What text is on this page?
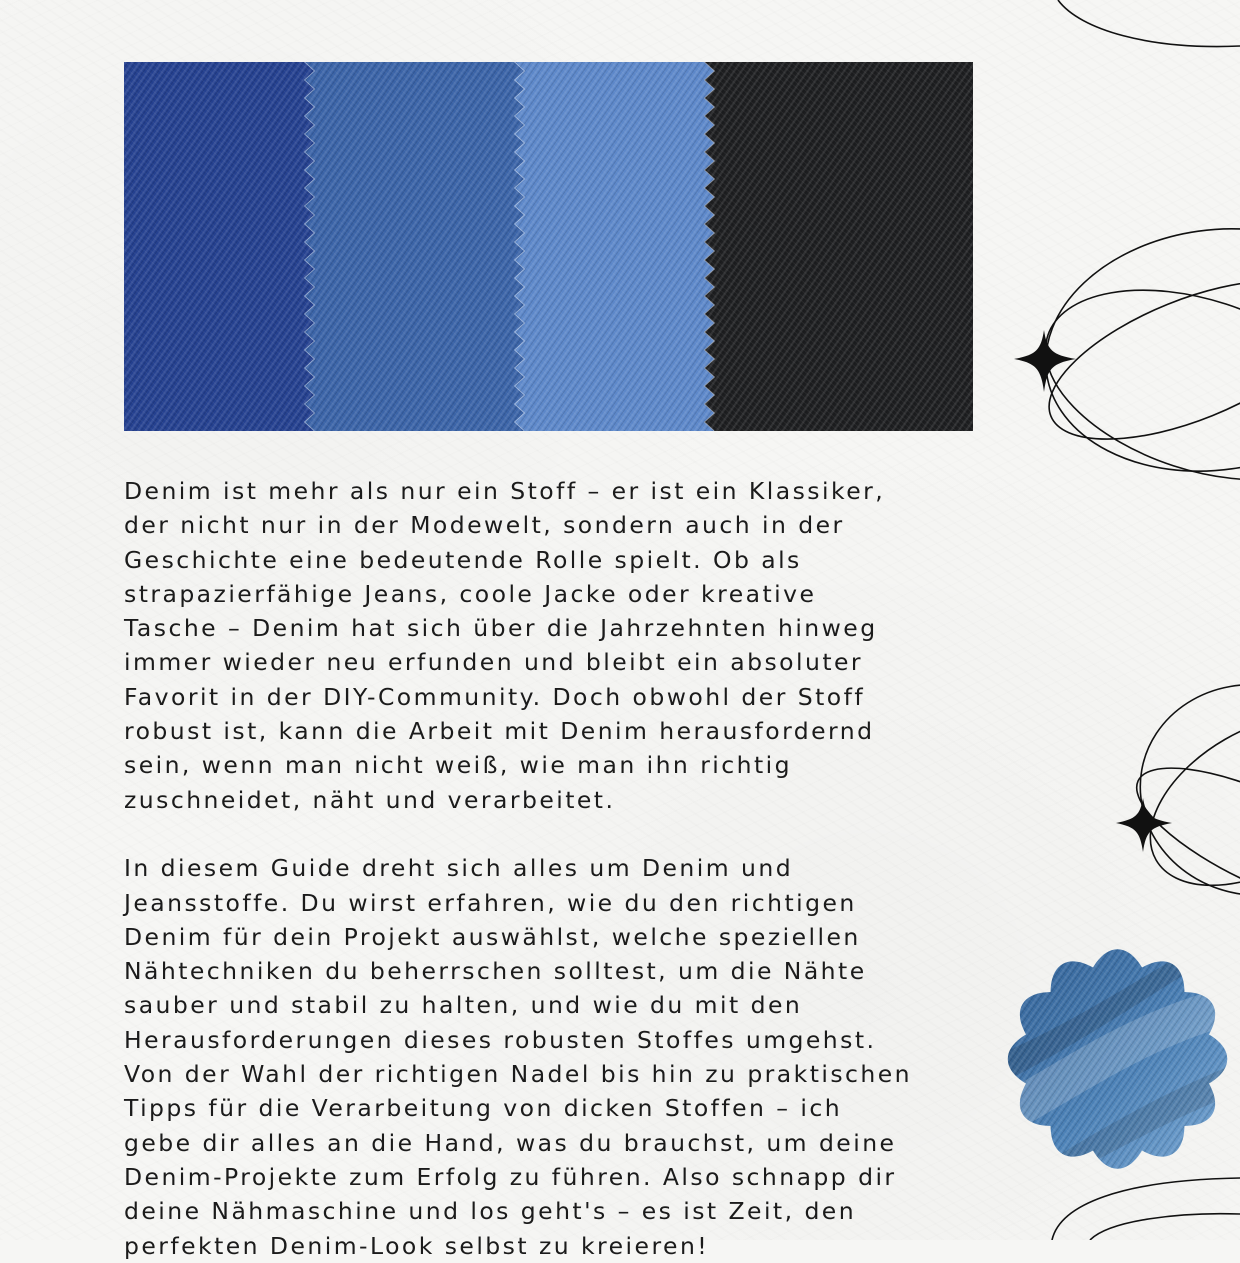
Denim ist mehr als nur ein Stoff – er ist ein Klassiker,
der nicht nur in der Modewelt, sondern auch in der
Geschichte eine bedeutende Rolle spielt. Ob als
strapazierfähige Jeans, coole Jacke oder kreative
Tasche – Denim hat sich über die Jahrzehnten hinweg
immer wieder neu erfunden und bleibt ein absoluter
Favorit in der DIY-Community. Doch obwohl der Stoff
robust ist, kann die Arbeit mit Denim herausfordernd
sein, wenn man nicht weiß, wie man ihn richtig
zuschneidet, näht und verarbeitet.

In diesem Guide dreht sich alles um Denim und
Jeansstoffe. Du wirst erfahren, wie du den richtigen
Denim für dein Projekt auswählst, welche speziellen
Nähtechniken du beherrschen solltest, um die Nähte
sauber und stabil zu halten, und wie du mit den
Herausforderungen dieses robusten Stoffes umgehst.
Von der Wahl der richtigen Nadel bis hin zu praktischen
Tipps für die Verarbeitung von dicken Stoffen – ich
gebe dir alles an die Hand, was du brauchst, um deine
Denim-Projekte zum Erfolg zu führen. Also schnapp dir
deine Nähmaschine und los geht's – es ist Zeit, den
perfekten Denim-Look selbst zu kreieren!
